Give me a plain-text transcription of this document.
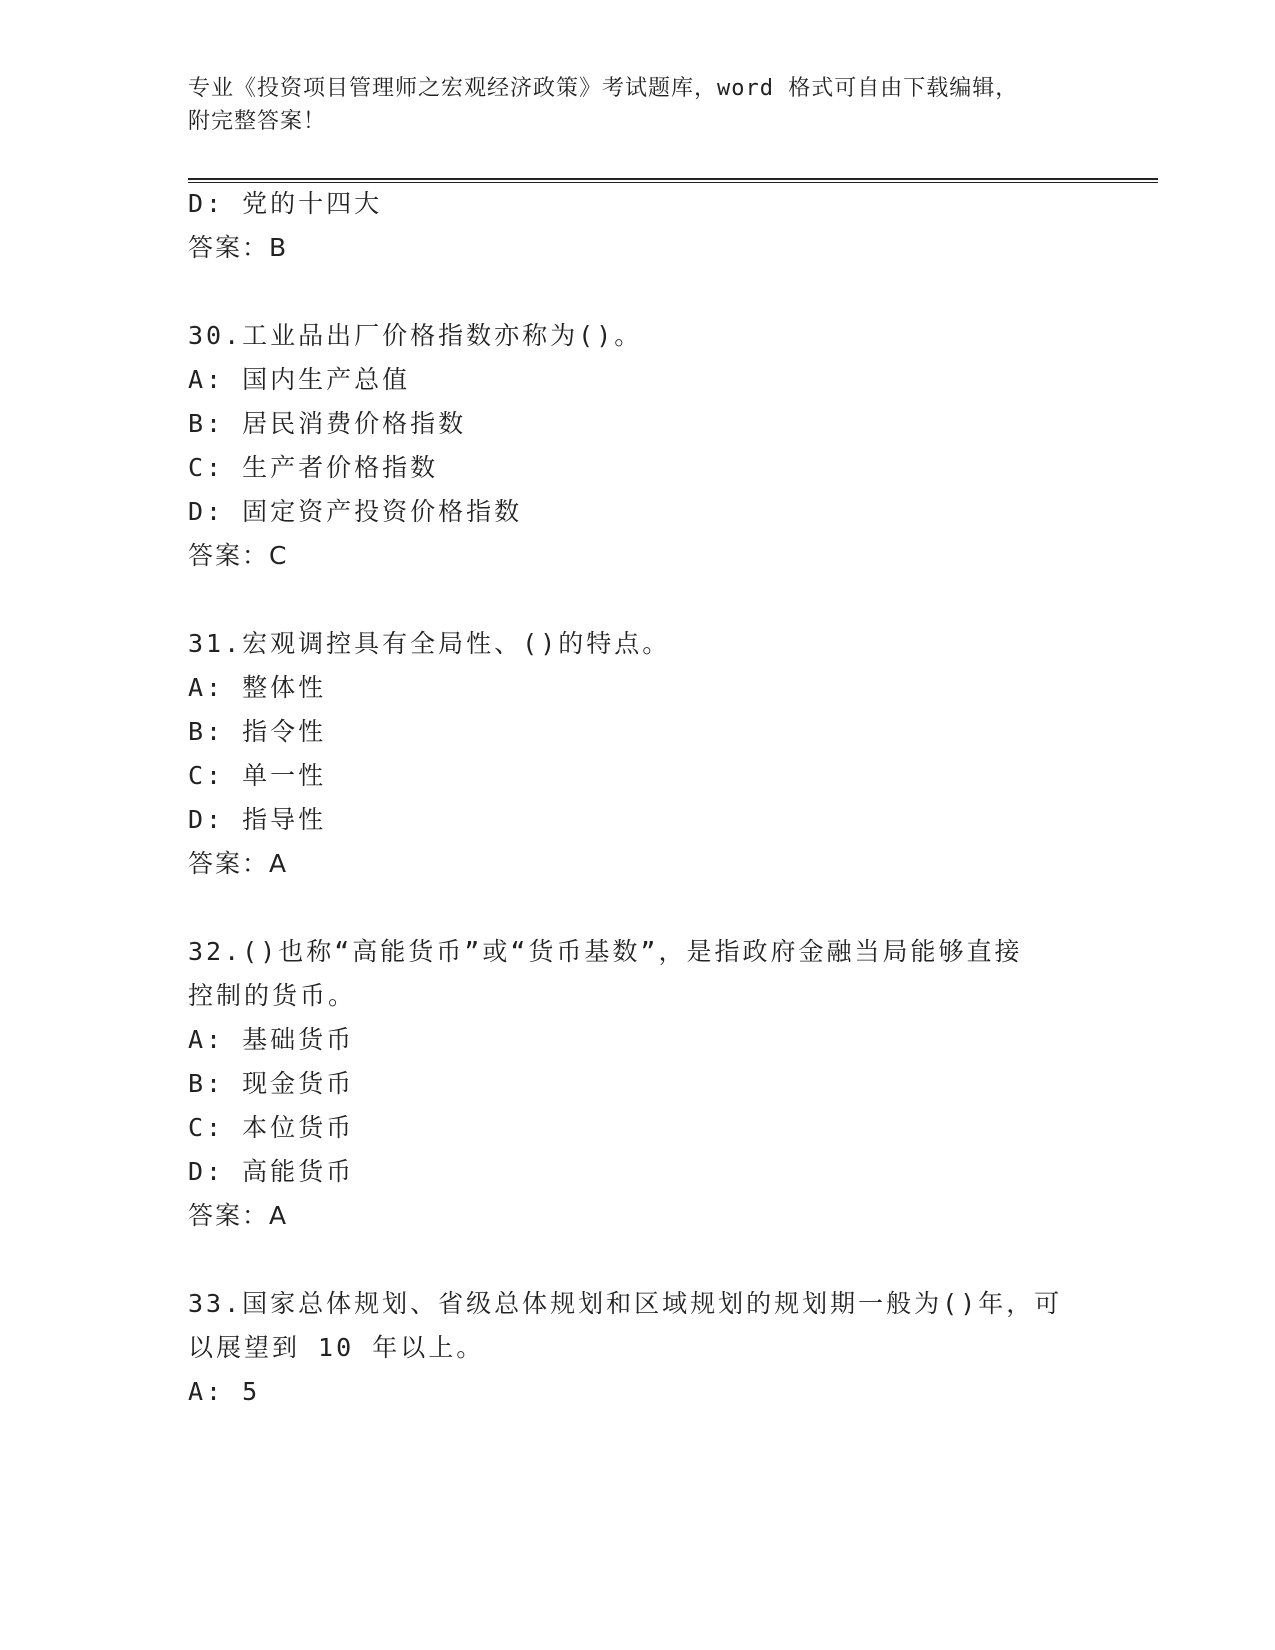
专业《投资项目管理师之宏观经济政策》考试题库，word 格式可自由下载编辑，
附完整答案！
D: 党的十四大
答案：B
30.工业品出厂价格指数亦称为()。
A: 国内生产总值
B: 居民消费价格指数
C: 生产者价格指数
D: 固定资产投资价格指数
答案：C
31.宏观调控具有全局性、()的特点。
A: 整体性
B: 指令性
C: 单一性
D: 指导性
答案：A
32.()也称“高能货币”或“货币基数”，是指政府金融当局能够直接
控制的货币。
A: 基础货币
B: 现金货币
C: 本位货币
D: 高能货币
答案：A
33.国家总体规划、省级总体规划和区域规划的规划期一般为()年，可
以展望到 10 年以上。
A: 5
